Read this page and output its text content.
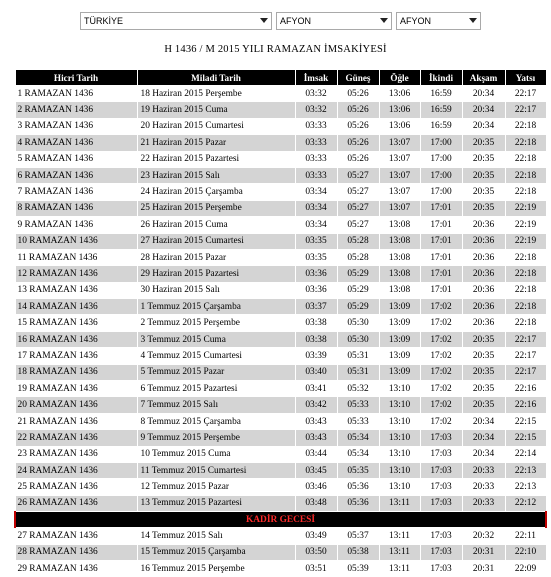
TÜRKİYE	AFYON	AFYON
H 1436 / M 2015 YILI RAMAZAN İMSAKİYESİ
Hicri Tarih	Miladi Tarih	İmsak	Güneş	Öğle	İkindi	Akşam	Yatsı
1 RAMAZAN 1436	18 Haziran 2015 Perşembe	03:32	05:26	13:06	16:59	20:34	22:17
2 RAMAZAN 1436	19 Haziran 2015 Cuma	03:32	05:26	13:06	16:59	20:34	22:17
3 RAMAZAN 1436	20 Haziran 2015 Cumartesi	03:33	05:26	13:06	16:59	20:34	22:18
4 RAMAZAN 1436	21 Haziran 2015 Pazar	03:33	05:26	13:07	17:00	20:35	22:18
5 RAMAZAN 1436	22 Haziran 2015 Pazartesi	03:33	05:26	13:07	17:00	20:35	22:18
6 RAMAZAN 1436	23 Haziran 2015 Salı	03:33	05:27	13:07	17:00	20:35	22:18
7 RAMAZAN 1436	24 Haziran 2015 Çarşamba	03:34	05:27	13:07	17:00	20:35	22:18
8 RAMAZAN 1436	25 Haziran 2015 Perşembe	03:34	05:27	13:07	17:01	20:35	22:19
9 RAMAZAN 1436	26 Haziran 2015 Cuma	03:34	05:27	13:08	17:01	20:36	22:19
10 RAMAZAN 1436	27 Haziran 2015 Cumartesi	03:35	05:28	13:08	17:01	20:36	22:19
11 RAMAZAN 1436	28 Haziran 2015 Pazar	03:35	05:28	13:08	17:01	20:36	22:18
12 RAMAZAN 1436	29 Haziran 2015 Pazartesi	03:36	05:29	13:08	17:01	20:36	22:18
13 RAMAZAN 1436	30 Haziran 2015 Salı	03:36	05:29	13:08	17:01	20:36	22:18
14 RAMAZAN 1436	1 Temmuz 2015 Çarşamba	03:37	05:29	13:09	17:02	20:36	22:18
15 RAMAZAN 1436	2 Temmuz 2015 Perşembe	03:38	05:30	13:09	17:02	20:36	22:18
16 RAMAZAN 1436	3 Temmuz 2015 Cuma	03:38	05:30	13:09	17:02	20:35	22:17
17 RAMAZAN 1436	4 Temmuz 2015 Cumartesi	03:39	05:31	13:09	17:02	20:35	22:17
18 RAMAZAN 1436	5 Temmuz 2015 Pazar	03:40	05:31	13:09	17:02	20:35	22:17
19 RAMAZAN 1436	6 Temmuz 2015 Pazartesi	03:41	05:32	13:10	17:02	20:35	22:16
20 RAMAZAN 1436	7 Temmuz 2015 Salı	03:42	05:33	13:10	17:02	20:35	22:16
21 RAMAZAN 1436	8 Temmuz 2015 Çarşamba	03:43	05:33	13:10	17:02	20:34	22:15
22 RAMAZAN 1436	9 Temmuz 2015 Perşembe	03:43	05:34	13:10	17:03	20:34	22:15
23 RAMAZAN 1436	10 Temmuz 2015 Cuma	03:44	05:34	13:10	17:03	20:34	22:14
24 RAMAZAN 1436	11 Temmuz 2015 Cumartesi	03:45	05:35	13:10	17:03	20:33	22:13
25 RAMAZAN 1436	12 Temmuz 2015 Pazar	03:46	05:36	13:10	17:03	20:33	22:13
26 RAMAZAN 1436	13 Temmuz 2015 Pazartesi	03:48	05:36	13:11	17:03	20:33	22:12
KADİR GECESİ							
27 RAMAZAN 1436	14 Temmuz 2015 Salı	03:49	05:37	13:11	17:03	20:32	22:11
28 RAMAZAN 1436	15 Temmuz 2015 Çarşamba	03:50	05:38	13:11	17:03	20:31	22:10
29 RAMAZAN 1436	16 Temmuz 2015 Perşembe	03:51	05:39	13:11	17:03	20:31	22:09
